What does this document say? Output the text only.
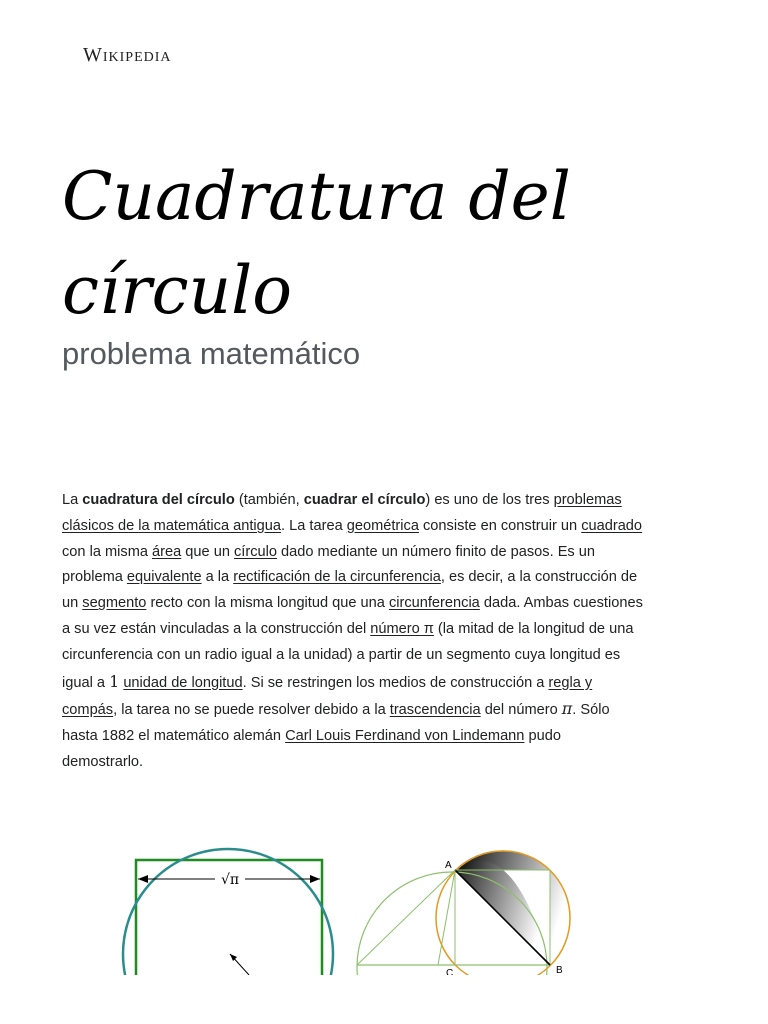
Wikipedia
Cuadratura del círculo
problema matemático

La cuadratura del círculo (también, cuadrar el círculo) es uno de los tres problemas clásicos de la matemática antigua. La tarea geométrica consiste en construir un cuadrado con la misma área que un círculo dado mediante un número finito de pasos. Es un problema equivalente a la rectificación de la circunferencia, es decir, a la construcción de un segmento recto con la misma longitud que una circunferencia dada. Ambas cuestiones a su vez están vinculadas a la construcción del número π (la mitad de la longitud de una circunferencia con un radio igual a la unidad) a partir de un segmento cuya longitud es igual a 1 unidad de longitud. Si se restringen los medios de construcción a regla y compás, la tarea no se puede resolver debido a la trascendencia del número π. Sólo hasta 1882 el matemático alemán Carl Louis Ferdinand von Lindemann pudo demostrarlo.

√π
A
B
C
